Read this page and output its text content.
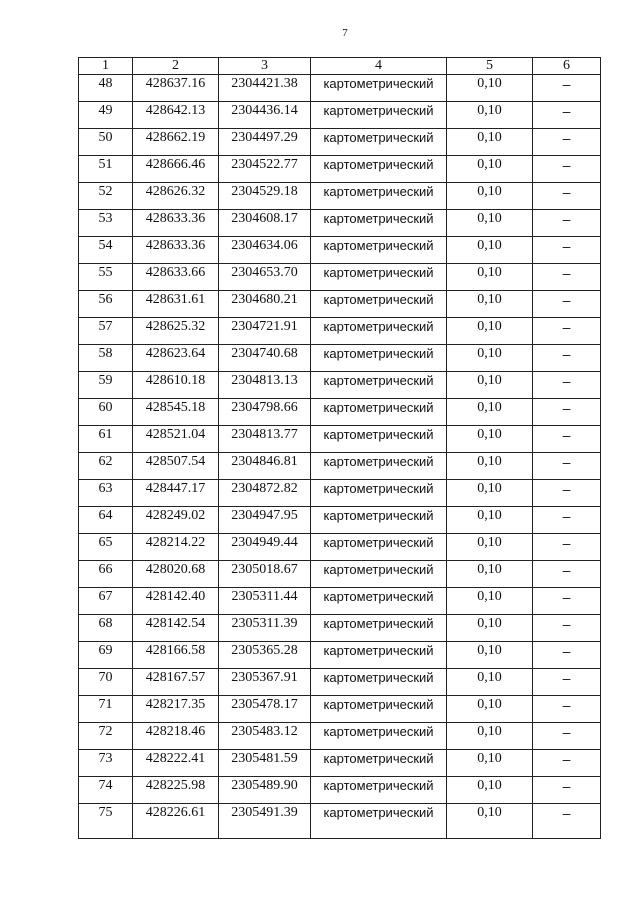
7
1	2	3	4	5	6
48	428637.16	2304421.38	картометрический	0,10	–
49	428642.13	2304436.14	картометрический	0,10	–
50	428662.19	2304497.29	картометрический	0,10	–
51	428666.46	2304522.77	картометрический	0,10	–
52	428626.32	2304529.18	картометрический	0,10	–
53	428633.36	2304608.17	картометрический	0,10	–
54	428633.36	2304634.06	картометрический	0,10	–
55	428633.66	2304653.70	картометрический	0,10	–
56	428631.61	2304680.21	картометрический	0,10	–
57	428625.32	2304721.91	картометрический	0,10	–
58	428623.64	2304740.68	картометрический	0,10	–
59	428610.18	2304813.13	картометрический	0,10	–
60	428545.18	2304798.66	картометрический	0,10	–
61	428521.04	2304813.77	картометрический	0,10	–
62	428507.54	2304846.81	картометрический	0,10	–
63	428447.17	2304872.82	картометрический	0,10	–
64	428249.02	2304947.95	картометрический	0,10	–
65	428214.22	2304949.44	картометрический	0,10	–
66	428020.68	2305018.67	картометрический	0,10	–
67	428142.40	2305311.44	картометрический	0,10	–
68	428142.54	2305311.39	картометрический	0,10	–
69	428166.58	2305365.28	картометрический	0,10	–
70	428167.57	2305367.91	картометрический	0,10	–
71	428217.35	2305478.17	картометрический	0,10	–
72	428218.46	2305483.12	картометрический	0,10	–
73	428222.41	2305481.59	картометрический	0,10	–
74	428225.98	2305489.90	картометрический	0,10	–
75	428226.61	2305491.39	картометрический	0,10	–
